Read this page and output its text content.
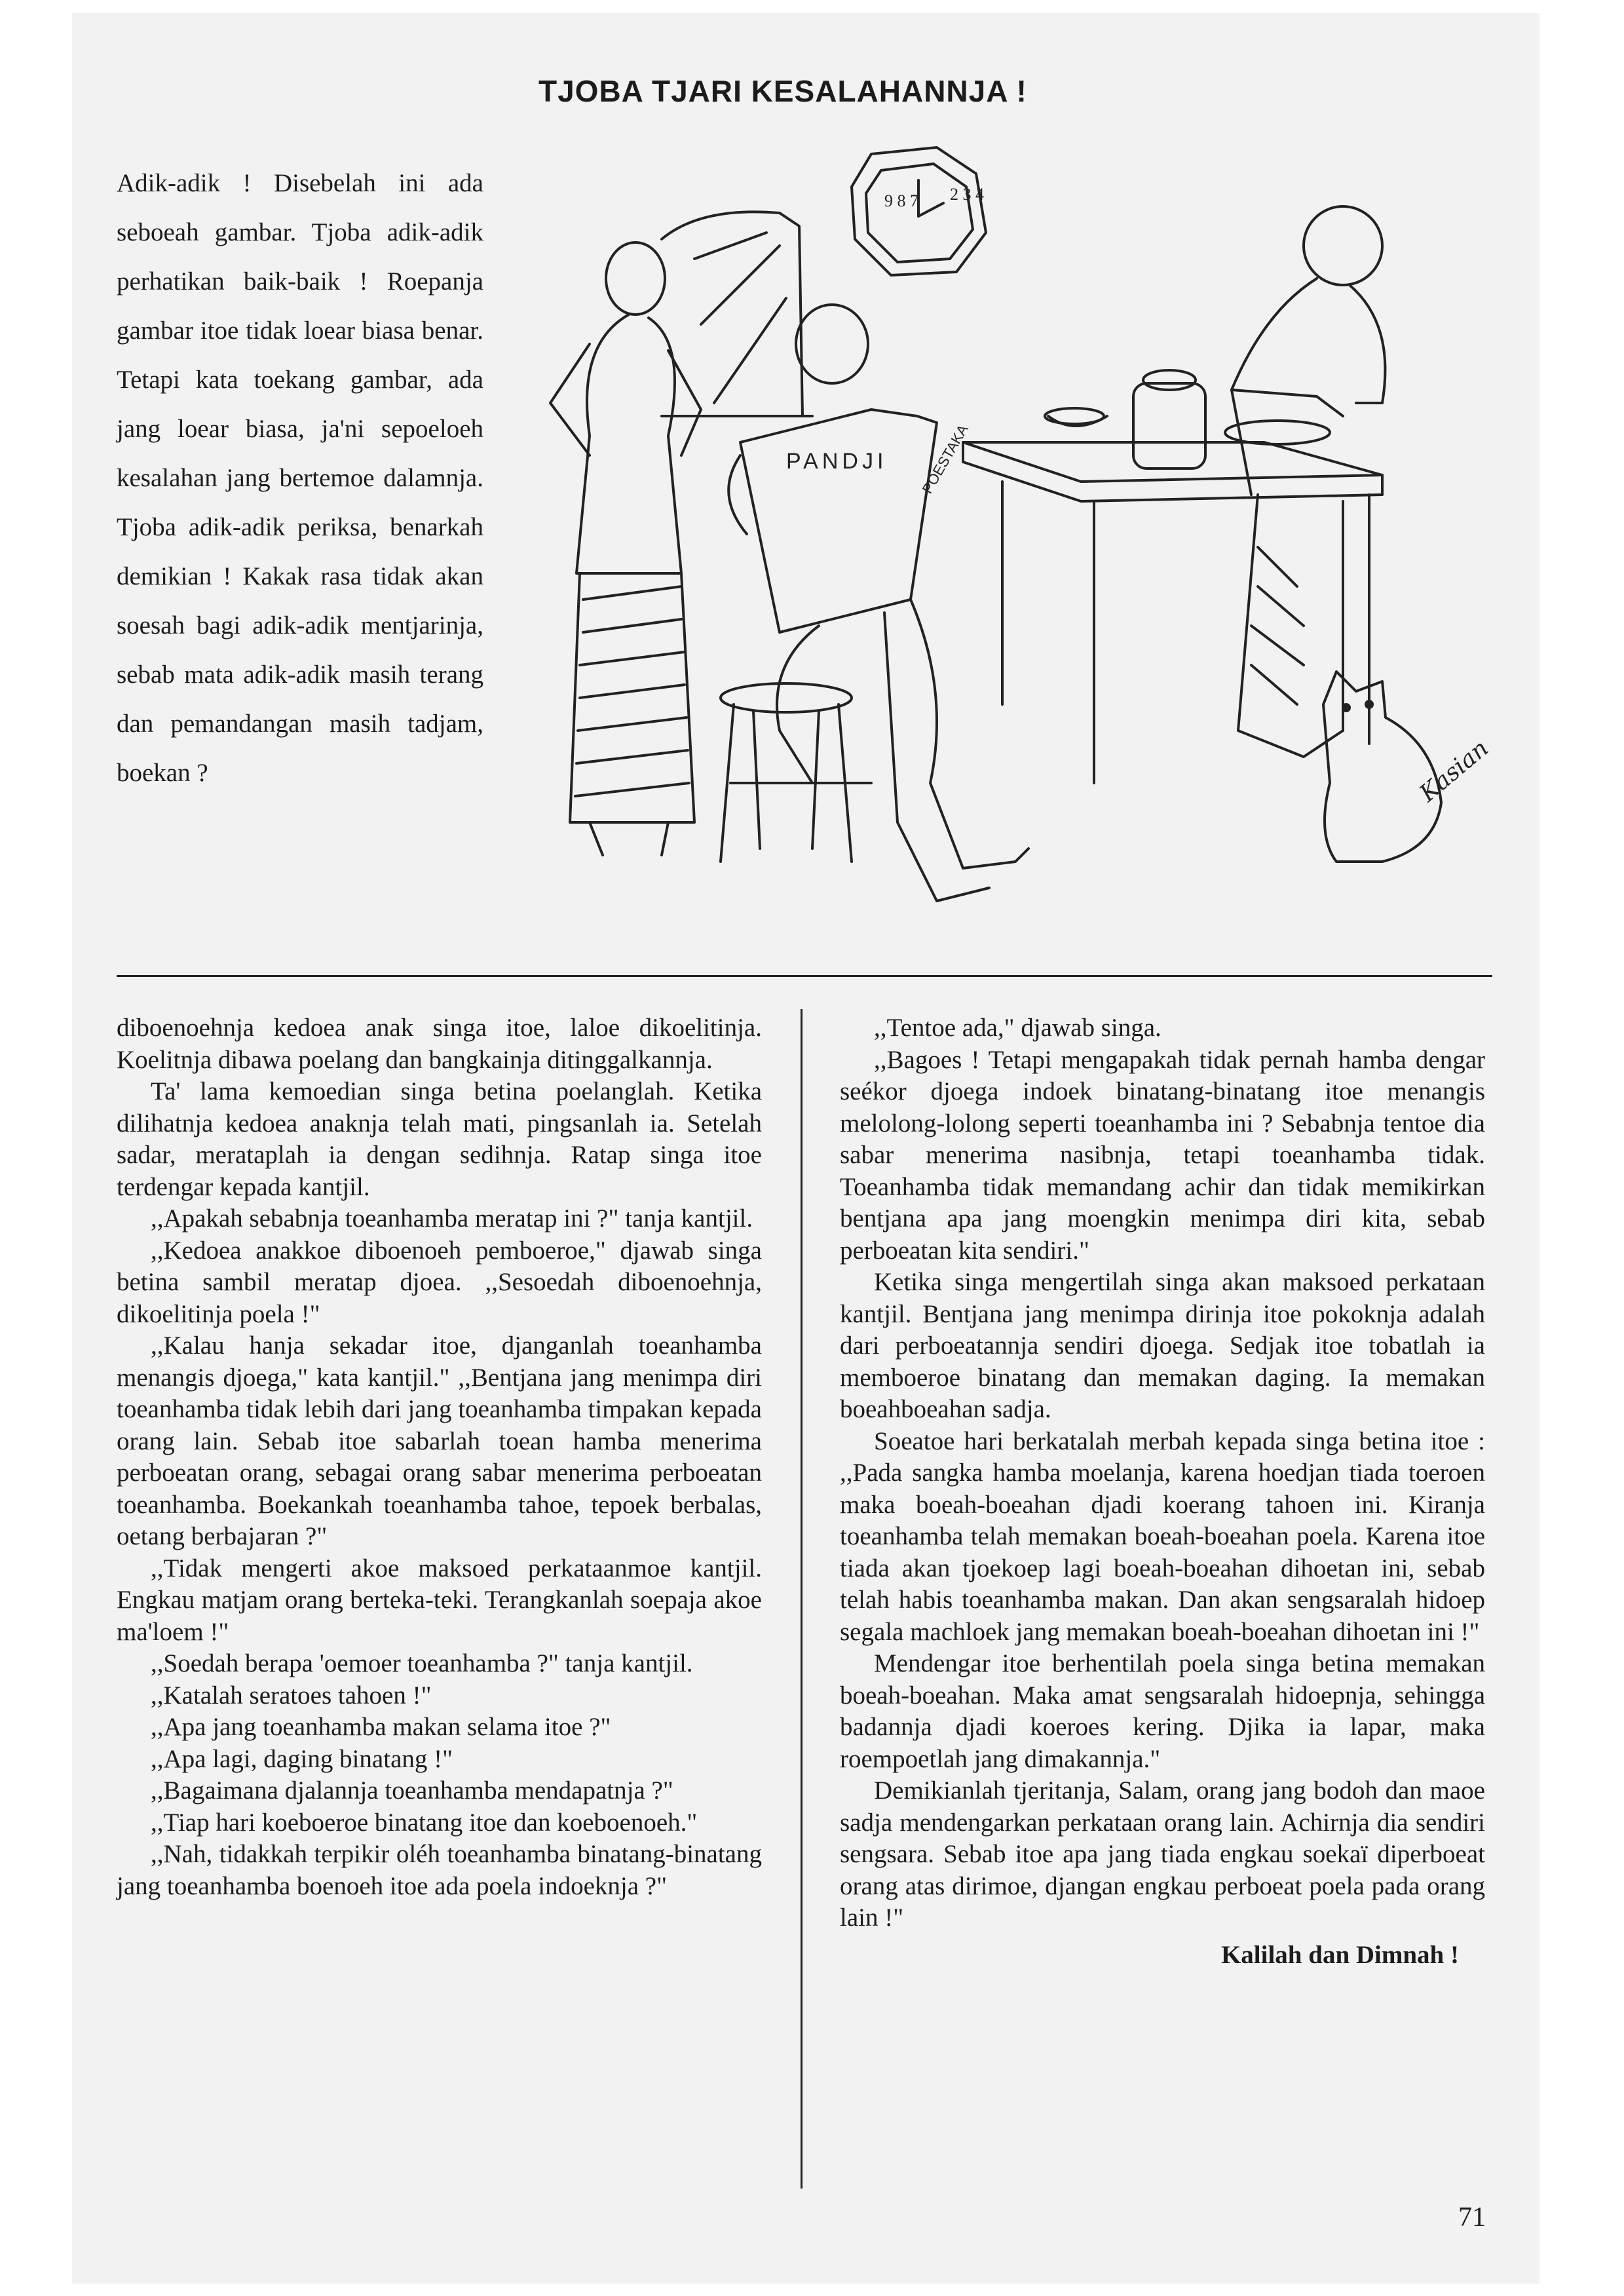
TJOBA TJARI KESALAHANNJA !
Adik-adik ! Disebelah ini ada seboeah gambar. Tjoba adik-adik perhatikan baik-baik ! Roepanja gambar itoe tidak loear biasa benar. Tetapi kata toekang gambar, ada jang loear biasa, ja'ni sepoeloeh kesalahan jang bertemoe dalamnja. Tjoba adik-adik periksa, benarkah demikian ! Kakak rasa tidak akan soesah bagi adik-adik mentjarinja, sebab mata adik-adik masih terang dan pemandangan masih tadjam, boekan ?
9 8 7 2 3 4
PANDJI POESTAKA
Kasian

diboenoehnja kedoea anak singa itoe, laloe dikoelitinja. Koelitnja dibawa poelang dan bangkainja ditinggalkannja.

Ta' lama kemoedian singa betina poelanglah. Ketika dilihatnja kedoea anaknja telah mati, pingsanlah ia. Setelah sadar, merataplah ia dengan sedihnja. Ratap singa itoe terdengar kepada kantjil.

,,Apakah sebabnja toeanhamba meratap ini ?" tanja kantjil.

,,Kedoea anakkoe diboenoeh pemboeroe," djawab singa betina sambil meratap djoea. ,,Sesoedah diboenoehnja, dikoelitinja poela !"

,,Kalau hanja sekadar itoe, djanganlah toeanhamba menangis djoega," kata kantjil." ,,Bentjana jang menimpa diri toeanhamba tidak lebih dari jang toeanhamba timpakan kepada orang lain. Sebab itoe sabarlah toean hamba menerima perboeatan orang, sebagai orang sabar menerima perboeatan toeanhamba. Boekankah toeanhamba tahoe, tepoek berbalas, oetang berbajaran ?"

,,Tidak mengerti akoe maksoed perkataanmoe kantjil. Engkau matjam orang berteka-teki. Terangkanlah soepaja akoe ma'loem !"

,,Soedah berapa 'oemoer toeanhamba ?" tanja kantjil.

,,Katalah seratoes tahoen !"

,,Apa jang toeanhamba makan selama itoe ?"

,,Apa lagi, daging binatang !"

,,Bagaimana djalannja toeanhamba mendapatnja ?"

,,Tiap hari koeboeroe binatang itoe dan koeboenoeh."

,,Nah, tidakkah terpikir oléh toeanhamba binatang-binatang jang toeanhamba boenoeh itoe ada poela indoeknja ?"

,,Tentoe ada," djawab singa.

,,Bagoes ! Tetapi mengapakah tidak pernah hamba dengar seékor djoega indoek binatang-binatang itoe menangis melolong-lolong seperti toeanhamba ini ? Sebabnja tentoe dia sabar menerima nasibnja, tetapi toeanhamba tidak. Toeanhamba tidak memandang achir dan tidak memikirkan bentjana apa jang moengkin menimpa diri kita, sebab perboeatan kita sendiri."

Ketika singa mengertilah singa akan maksoed perkataan kantjil. Bentjana jang menimpa dirinja itoe pokoknja adalah dari perboeatannja sendiri djoega. Sedjak itoe tobatlah ia memboeroe binatang dan memakan daging. Ia memakan boeahboeahan sadja.

Soeatoe hari berkatalah merbah kepada singa betina itoe : ,,Pada sangka hamba moelanja, karena hoedjan tiada toeroen maka boeah-boeahan djadi koerang tahoen ini. Kiranja toeanhamba telah memakan boeah-boeahan poela. Karena itoe tiada akan tjoekoep lagi boeah-boeahan dihoetan ini, sebab telah habis toeanhamba makan. Dan akan sengsaralah hidoep segala machloek jang memakan boeah-boeahan dihoetan ini !"

Mendengar itoe berhentilah poela singa betina memakan boeah-boeahan. Maka amat sengsaralah hidoepnja, sehingga badannja djadi koeroes kering. Djika ia lapar, maka roempoetlah jang dimakannja."

Demikianlah tjeritanja, Salam, orang jang bodoh dan maoe sadja mendengarkan perkataan orang lain. Achirnja dia sendiri sengsara. Sebab itoe apa jang tiada engkau soekaï diperboeat orang atas dirimoe, djangan engkau perboeat poela pada orang lain !"

Kalilah dan Dimnah !

71
